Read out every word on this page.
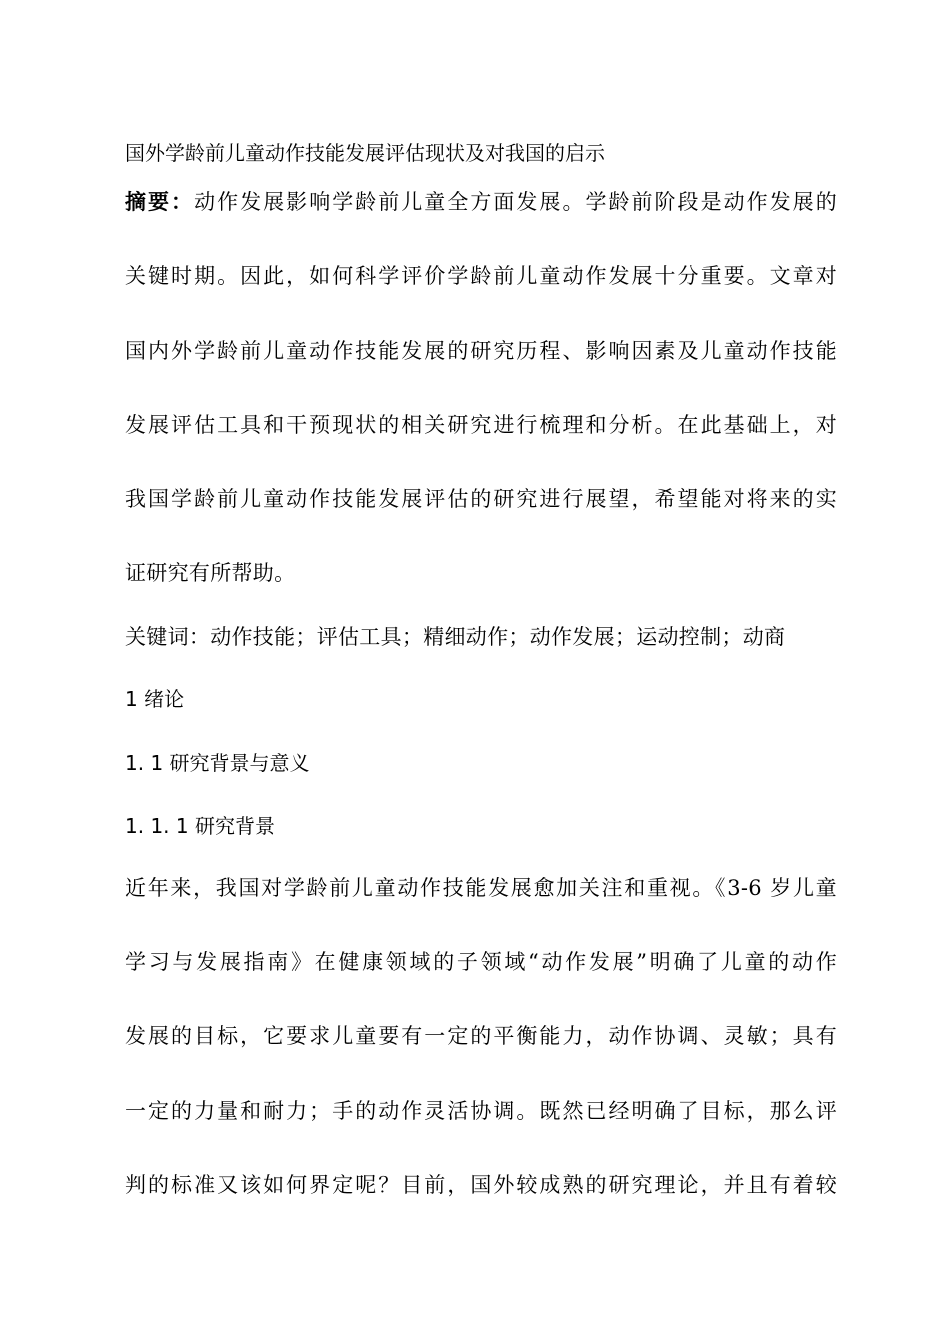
国外学龄前儿童动作技能发展评估现状及对我国的启示
摘要：动作发展影响学龄前儿童全方面发展。学龄前阶段是动作发展的
关键时期。因此，如何科学评价学龄前儿童动作发展十分重要。文章对
国内外学龄前儿童动作技能发展的研究历程、影响因素及儿童动作技能
发展评估工具和干预现状的相关研究进行梳理和分析。在此基础上，对
我国学龄前儿童动作技能发展评估的研究进行展望，希望能对将来的实
证研究有所帮助。
关键词：动作技能；评估工具；精细动作；动作发展；运动控制；动商
1 绪论
1. 1 研究背景与意义
1. 1. 1 研究背景
近年来，我国对学龄前儿童动作技能发展愈加关注和重视。《3-6 岁儿童
学习与发展指南》在健康领域的子领域“动作发展”明确了儿童的动作
发展的目标，它要求儿童要有一定的平衡能力，动作协调、灵敏；具有
一定的力量和耐力；手的动作灵活协调。既然已经明确了目标，那么评
判的标准又该如何界定呢？目前，国外较成熟的研究理论，并且有着较
